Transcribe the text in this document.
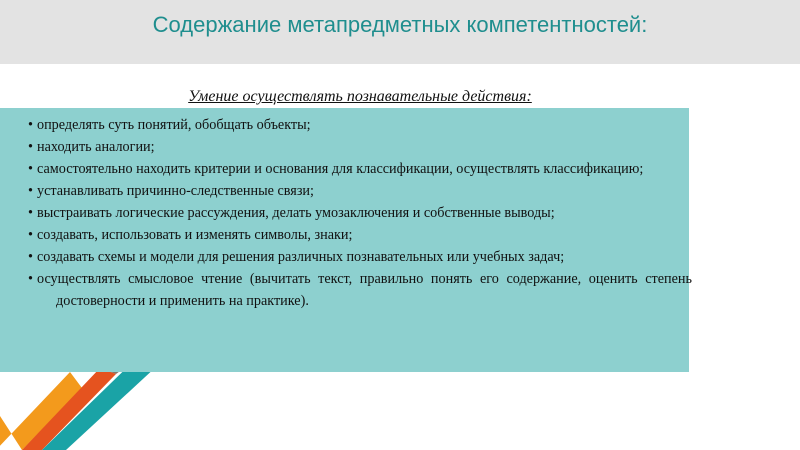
Содержание метапредметных компетентностей:
Умение осуществлять познавательные действия:
• определять суть понятий, обобщать объекты;
• находить аналогии;
• самостоятельно находить критерии и основания для классификации, осуществлять классификацию;
• устанавливать причинно-следственные связи;
• выстраивать логические рассуждения, делать умозаключения и собственные выводы;
• создавать, использовать и изменять символы, знаки;
• создавать схемы и модели для решения различных познавательных или учебных задач;
• осуществлять смысловое чтение (вычитать текст, правильно понять его содержание, оценить степень достоверности и применить на практике).
